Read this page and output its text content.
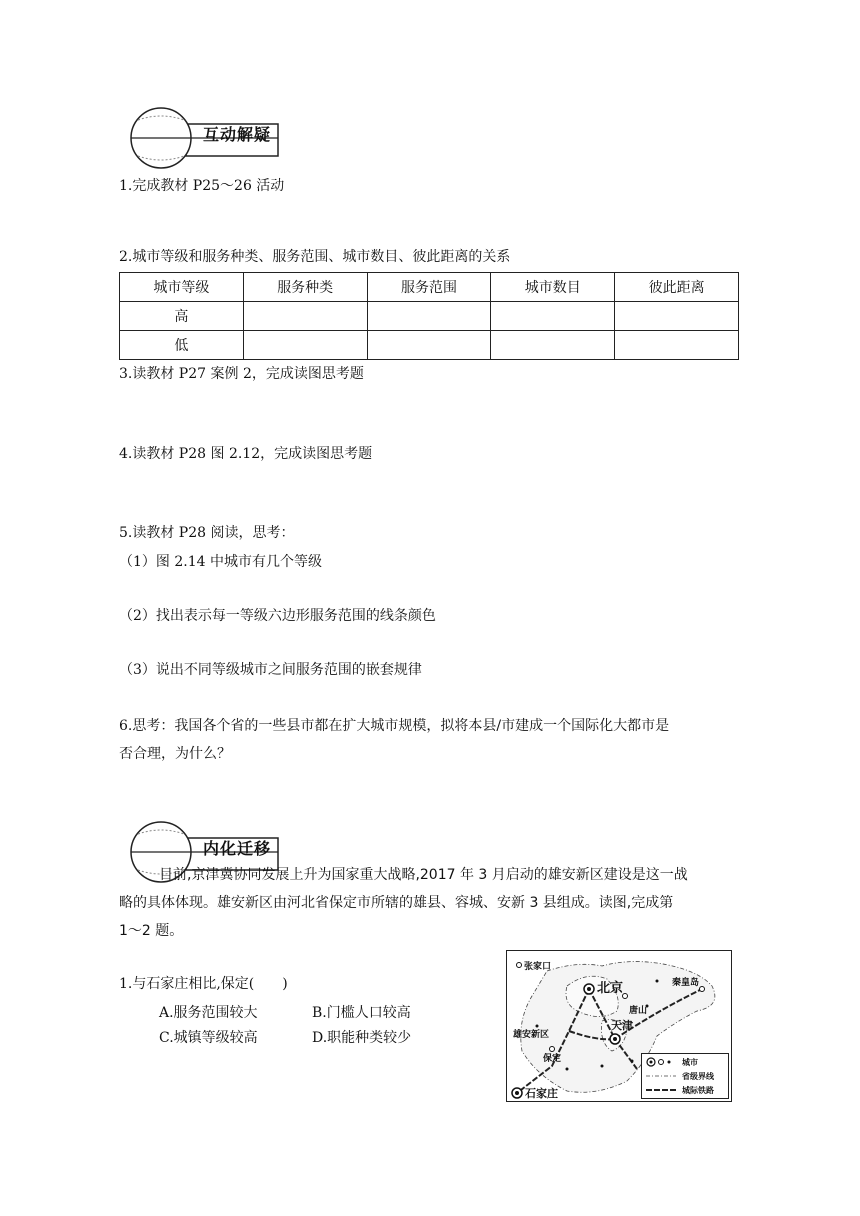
互动解疑
1.完成教材 P25～26 活动
2.城市等级和服务种类、服务范围、城市数目、彼此距离的关系
城市等级	服务种类	服务范围	城市数目	彼此距离
高				
低				
3.读教材 P27 案例 2，完成读图思考题
4.读教材 P28 图 2.12，完成读图思考题
5.读教材 P28 阅读，思考：
（1）图 2.14 中城市有几个等级
（2）找出表示每一等级六边形服务范围的线条颜色
（3）说出不同等级城市之间服务范围的嵌套规律
6.思考：我国各个省的一些县市都在扩大城市规模，拟将本县/市建成一个国际化大都市是
否合理，为什么？
内化迁移
目前,京津冀协同发展上升为国家重大战略,2017 年 3 月启动的雄安新区建设是这一战
略的具体体现。雄安新区由河北省保定市所辖的雄县、容城、安新 3 县组成。读图,完成第
1～2 题。
1.与石家庄相比,保定(　　)
A.服务范围较大	B.门槛人口较高
C.城镇等级较高	D.职能种类较少
张家口
北京	秦皇岛
唐山
天津
雄安新区
保定
石家庄
城市
省级界线
城际铁路
